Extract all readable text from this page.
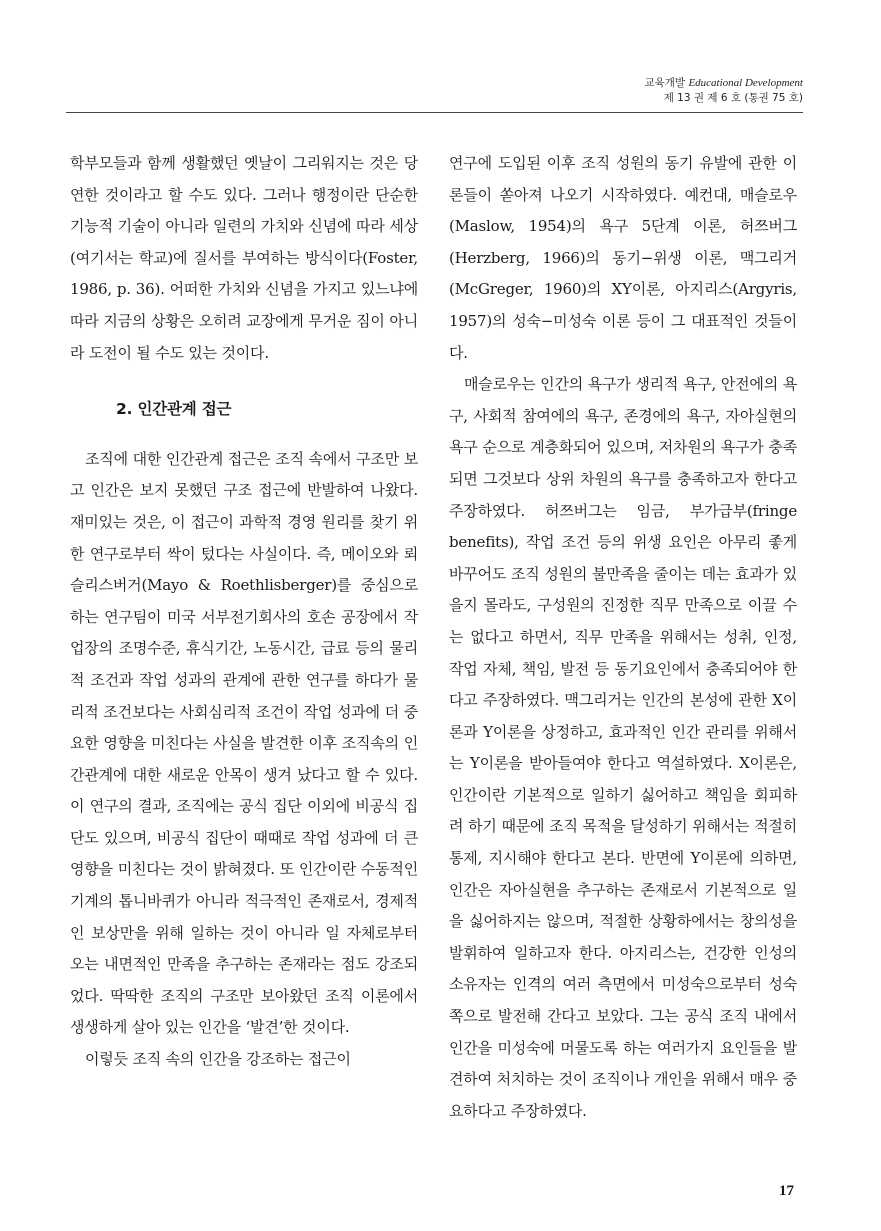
교육개발 Educational Development
제 13 권 제 6 호 (통권 75 호)

학부모들과 함께 생활했던 옛날이 그리워지는 것은 당연한 것이라고 할 수도 있다. 그러나 행정이란 단순한 기능적 기술이 아니라 일련의 가치와 신념에 따라 세상(여기서는 학교)에 질서를 부여하는 방식이다(Foster, 1986, p. 36). 어떠한 가치와 신념을 가지고 있느냐에 따라 지금의 상황은 오히려 교장에게 무거운 짐이 아니라 도전이 될 수도 있는 것이다.

2. 인간관계 접근

조직에 대한 인간관계 접근은 조직 속에서 구조만 보고 인간은 보지 못했던 구조 접근에 반발하여 나왔다. 재미있는 것은, 이 접근이 과학적 경영 원리를 찾기 위한 연구로부터 싹이 텄다는 사실이다. 즉, 메이오와 뢰슬리스버거(Mayo & Roethlisberger)를 중심으로 하는 연구팀이 미국 서부전기회사의 호손 공장에서 작업장의 조명수준, 휴식기간, 노동시간, 급료 등의 물리적 조건과 작업 성과의 관계에 관한 연구를 하다가 물리적 조건보다는 사회심리적 조건이 작업 성과에 더 중요한 영향을 미친다는 사실을 발견한 이후 조직속의 인간관계에 대한 새로운 안목이 생겨 났다고 할 수 있다. 이 연구의 결과, 조직에는 공식 집단 이외에 비공식 집단도 있으며, 비공식 집단이 때때로 작업 성과에 더 큰 영향을 미친다는 것이 밝혀졌다. 또 인간이란 수동적인 기계의 톱니바퀴가 아니라 적극적인 존재로서, 경제적인 보상만을 위해 일하는 것이 아니라 일 자체로부터 오는 내면적인 만족을 추구하는 존재라는 점도 강조되었다. 딱딱한 조직의 구조만 보아왔던 조직 이론에서 생생하게 살아 있는 인간을 ‘발견’한 것이다.

이렇듯 조직 속의 인간을 강조하는 접근이

연구에 도입된 이후 조직 성원의 동기 유발에 관한 이론들이 쏟아져 나오기 시작하였다. 예컨대, 매슬로우(Maslow, 1954)의 욕구 5단계 이론, 허쯔버그(Herzberg, 1966)의 동기−위생 이론, 맥그리거(McGreger, 1960)의 XY이론, 아지리스(Argyris, 1957)의 성숙−미성숙 이론 등이 그 대표적인 것들이다.

매슬로우는 인간의 욕구가 생리적 욕구, 안전에의 욕구, 사회적 참여에의 욕구, 존경에의 욕구, 자아실현의 욕구 순으로 계층화되어 있으며, 저차원의 욕구가 충족되면 그것보다 상위 차원의 욕구를 충족하고자 한다고 주장하였다. 허쯔버그는 임금, 부가급부(fringe benefits), 작업 조건 등의 위생 요인은 아무리 좋게 바꾸어도 조직 성원의 불만족을 줄이는 데는 효과가 있을지 몰라도, 구성원의 진정한 직무 만족으로 이끌 수는 없다고 하면서, 직무 만족을 위해서는 성취, 인정, 작업 자체, 책임, 발전 등 동기요인에서 충족되어야 한다고 주장하였다. 맥그리거는 인간의 본성에 관한 X이론과 Y이론을 상정하고, 효과적인 인간 관리를 위해서는 Y이론을 받아들여야 한다고 역설하였다. X이론은, 인간이란 기본적으로 일하기 싫어하고 책임을 회피하려 하기 때문에 조직 목적을 달성하기 위해서는 적절히 통제, 지시해야 한다고 본다. 반면에 Y이론에 의하면, 인간은 자아실현을 추구하는 존재로서 기본적으로 일을 싫어하지는 않으며, 적절한 상황하에서는 창의성을 발휘하여 일하고자 한다. 아지리스는, 건강한 인성의 소유자는 인격의 여러 측면에서 미성숙으로부터 성숙 쪽으로 발전해 간다고 보았다. 그는 공식 조직 내에서 인간을 미성숙에 머물도록 하는 여러가지 요인들을 발견하여 처치하는 것이 조직이나 개인을 위해서 매우 중요하다고 주장하였다.

17
